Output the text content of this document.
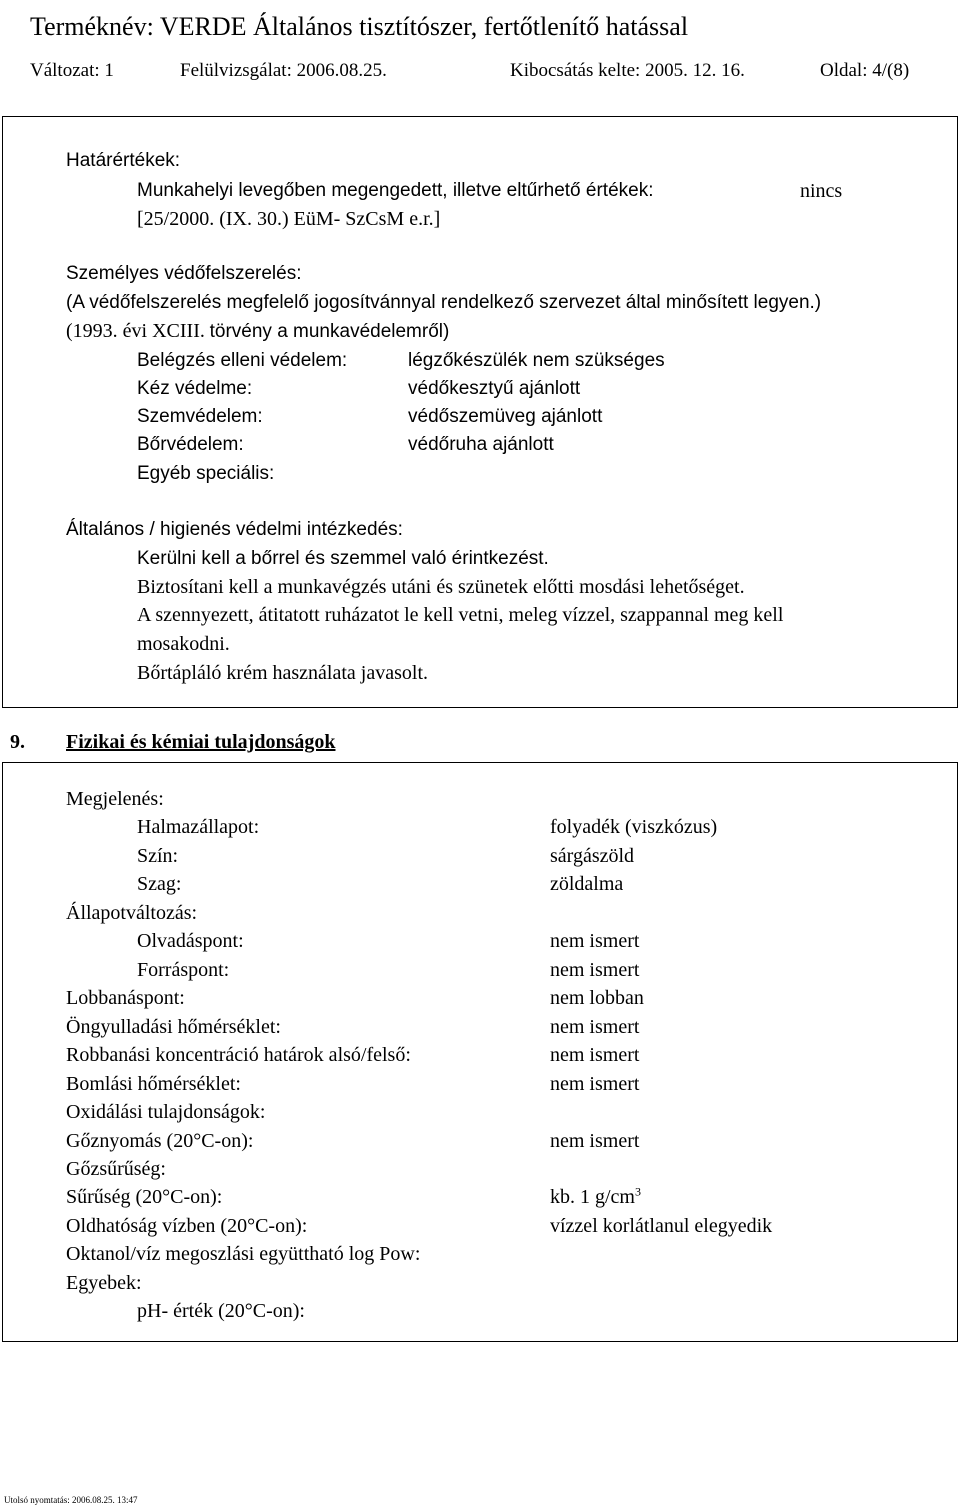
Terméknév: VERDE Általános tisztítószer, fertőtlenítő hatással
Változat: 1	Felülvizsgálat: 2006.08.25.	Kibocsátás kelte: 2005. 12. 16.	Oldal: 4/(8)
Határértékek:
Munkahelyi levegőben megengedett, illetve eltűrhető értékek:	nincs
[25/2000. (IX. 30.) EüM- SzCsM e.r.]
Személyes védőfelszerelés:
(A védőfelszerelés megfelelő jogosítvánnyal rendelkező szervezet által minősített legyen.)
(1993. évi XCIII. törvény a munkavédelemről)
Belégzés elleni védelem:	légzőkészülék nem szükséges
Kéz védelme:	védőkesztyű ajánlott
Szemvédelem:	védőszemüveg ajánlott
Bőrvédelem:	védőruha ajánlott
Egyéb speciális:
Általános / higienés védelmi intézkedés:
Kerülni kell a bőrrel és szemmel való érintkezést.
Biztosítani kell a munkavégzés utáni és szünetek előtti mosdási lehetőséget.
A szennyezett, átitatott ruházatot le kell vetni, meleg vízzel, szappannal meg kell
mosakodni.
Bőrtápláló krém használata javasolt.
9. Fizikai és kémiai tulajdonságok
Megjelenés:
Halmazállapot:	folyadék (viszkózus)
Szín:	sárgászöld
Szag:	zöldalma
Állapotváltozás:
Olvadáspont:	nem ismert
Forráspont:	nem ismert
Lobbanáspont:	nem lobban
Öngyulladási hőmérséklet:	nem ismert
Robbanási koncentráció határok alsó/felső:	nem ismert
Bomlási hőmérséklet:	nem ismert
Oxidálási tulajdonságok:
Gőznyomás (20°C-on):	nem ismert
Gőzsűrűség:
Sűrűség (20°C-on):	kb. 1 $g/cm^3$
Oldhatóság vízben (20°C-on):	vízzel korlátlanul elegyedik
Oktanol/víz megoszlási együttható log Pow:
Egyebek:
pH- érték (20°C-on):
Utolsó nyomtatás: 2006.08.25. 13:47
